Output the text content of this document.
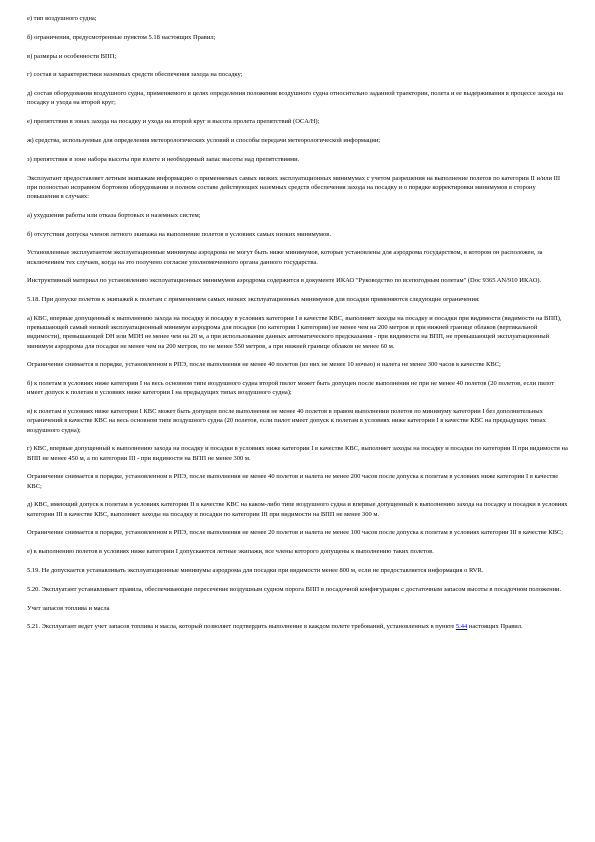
е) тип воздушного судна;

б) ограничения, предусмотренные пунктом 5.18 настоящих Правил;

в) размеры и особенности ВПП;

г) состав и характеристики наземных средств обеспечения захода на посадку;

д) состав оборудования воздушного судна, применяемого в целях определения положения воздушного судна относительно заданной траектории, полета и ее выдерживания в процессе захода на посадку и ухода на второй круг;

е) препятствия в зонах захода на посадку и ухода на второй круг и высота пролета препятствий (OCA/H);

ж) средства, используемые для определения метеорологических условий и способы передачи метеорологической информации;

з) препятствия в зоне набора высоты при взлете и необходимый запас высоты над препятствиями.

Эксплуатант предоставляет летным экипажам информацию о применяемых самых низких эксплуатационных минимумах с учетом разрешения на выполнение полетов по категории II и/или III при полностью исправном бортовом оборудовании и полном составе действующих наземных средств обеспечения захода на посадку и о порядке корректировки минимумов в сторону повышения в случаях:

а) ухудшения работы или отказа бортовых и наземных систем;

б) отсутствия допуска членов летного экипажа на выполнение полетов в условиях самых низких минимумов.

Установленные эксплуатантом эксплуатационные минимумы аэродрома не могут быть ниже минимумов, которые установлены для аэродрома государством, в котором он расположен, за исключением тех случаев, когда на это получено согласие уполномоченного органа данного государства.

Инструктивный материал по установлению эксплуатационных минимумов аэродрома содержится в документе ИКАО "Руководство по всепогодным полетам" (Doc 9365 AN/910 ИКАО).

5.18. При допуске полетов к экипажей к полетам с применением самых низких эксплуатационных минимумов для посадки применяются следующие ограничения:

а) КВС, впервые допущенный к выполнению захода на посадку и посадку в условиях категории I в качестве КВС, выполняет заходы на посадку и посадки при видимости (видимости на ВПП), превышающей самый низкий эксплуатационный минимум аэродрома для посадки (по категории I категории) не менее чем на 200 метров и при нижней границе облаков (вертикальной видимости), превышающей DH или MDH не менее чем на 20 м, а при использовании данных автоматического предсказания - при видимости на ВПП, не превышающей эксплуатационный минимум аэродрома для посадки не менее чем на 200 метров, по не менее 550 метров, а при нижней границе облаков не менее 60 м.

Ограничение снимается в порядке, установленном в РПЭ, после выполнения не менее 40 полетов (из них не менее 10 ночью) и налета не менее 300 часов в качестве КВС;

б) к полетам в условиях ниже категории I на весь основном типе воздушного судна второй пилот может быть допущен после выполнения не при не менее 40 полетов (20 полетов, если пилот имеет допуск к полетам в условиях ниже категории I на предыдущих типах воздушного судна);

в) к полетам в условиях ниже категории I КВС может быть допущен после выполнения не менее 40 полетов в правом выполнении полетов по минимуму категории I без дополнительных ограничений в качестве КВС на весь основном типе воздушного судна (20 полетов, если пилот имеет допуск к полетам в условиях ниже категории I в качестве КВС на предыдущих типах воздушного судна);

г) КВС, впервые допущенный к выполнению захода на посадку и посадки в условиях ниже категории I в качестве КВС, выполняет заходы на посадку и посадки по категории II при видимости на ВПП не менее 450 м, а по категории III - при видимости на ВПП не менее 300 м.

Ограничение снимается в порядке, установленном в РПЭ, после выполнения не менее 40 полетов и налета не менее 200 часов после допуска к полетам в условиях ниже категории I в качестве КВС;

д) КВС, имеющий допуск к полетам в условиях категории II в качестве КВС на каком-либо типе воздушного судна и впервые допущенный к выполнению захода на посадку и посадки в условиях категории III в качестве КВС, выполняет заходы на посадку и посадки по категории III при видимости на ВПП не менее 300 м.

Ограничение снимается в порядке, установленном в РПЭ, после выполнения не менее 20 полетов и налета не менее 100 часов после допуска к полетам в условиях категории III в качестве КВС;

е) к выполнению полетов в условиях ниже категории I допускаются летные экипажи, все члены которого допущены к выполнению таких полетов.

5.19. Не допускается устанавливать эксплуатационные минимумы аэродрома для посадки при видимости менее 800 м, если не предоставляется информация о RVR.

5.20. Эксплуатант устанавливает правила, обеспечивающие пересечение воздушным судном порога ВПП в посадочной конфигурации с достаточным запасом высоты в посадочном положении.

Учет запасов топлива и масла

5.21. Эксплуатант ведет учет запасов топлива и масла, который позволяет подтвердить выполнение в каждом полете требований, установленных в пункте 5.44 настоящих Правил.
